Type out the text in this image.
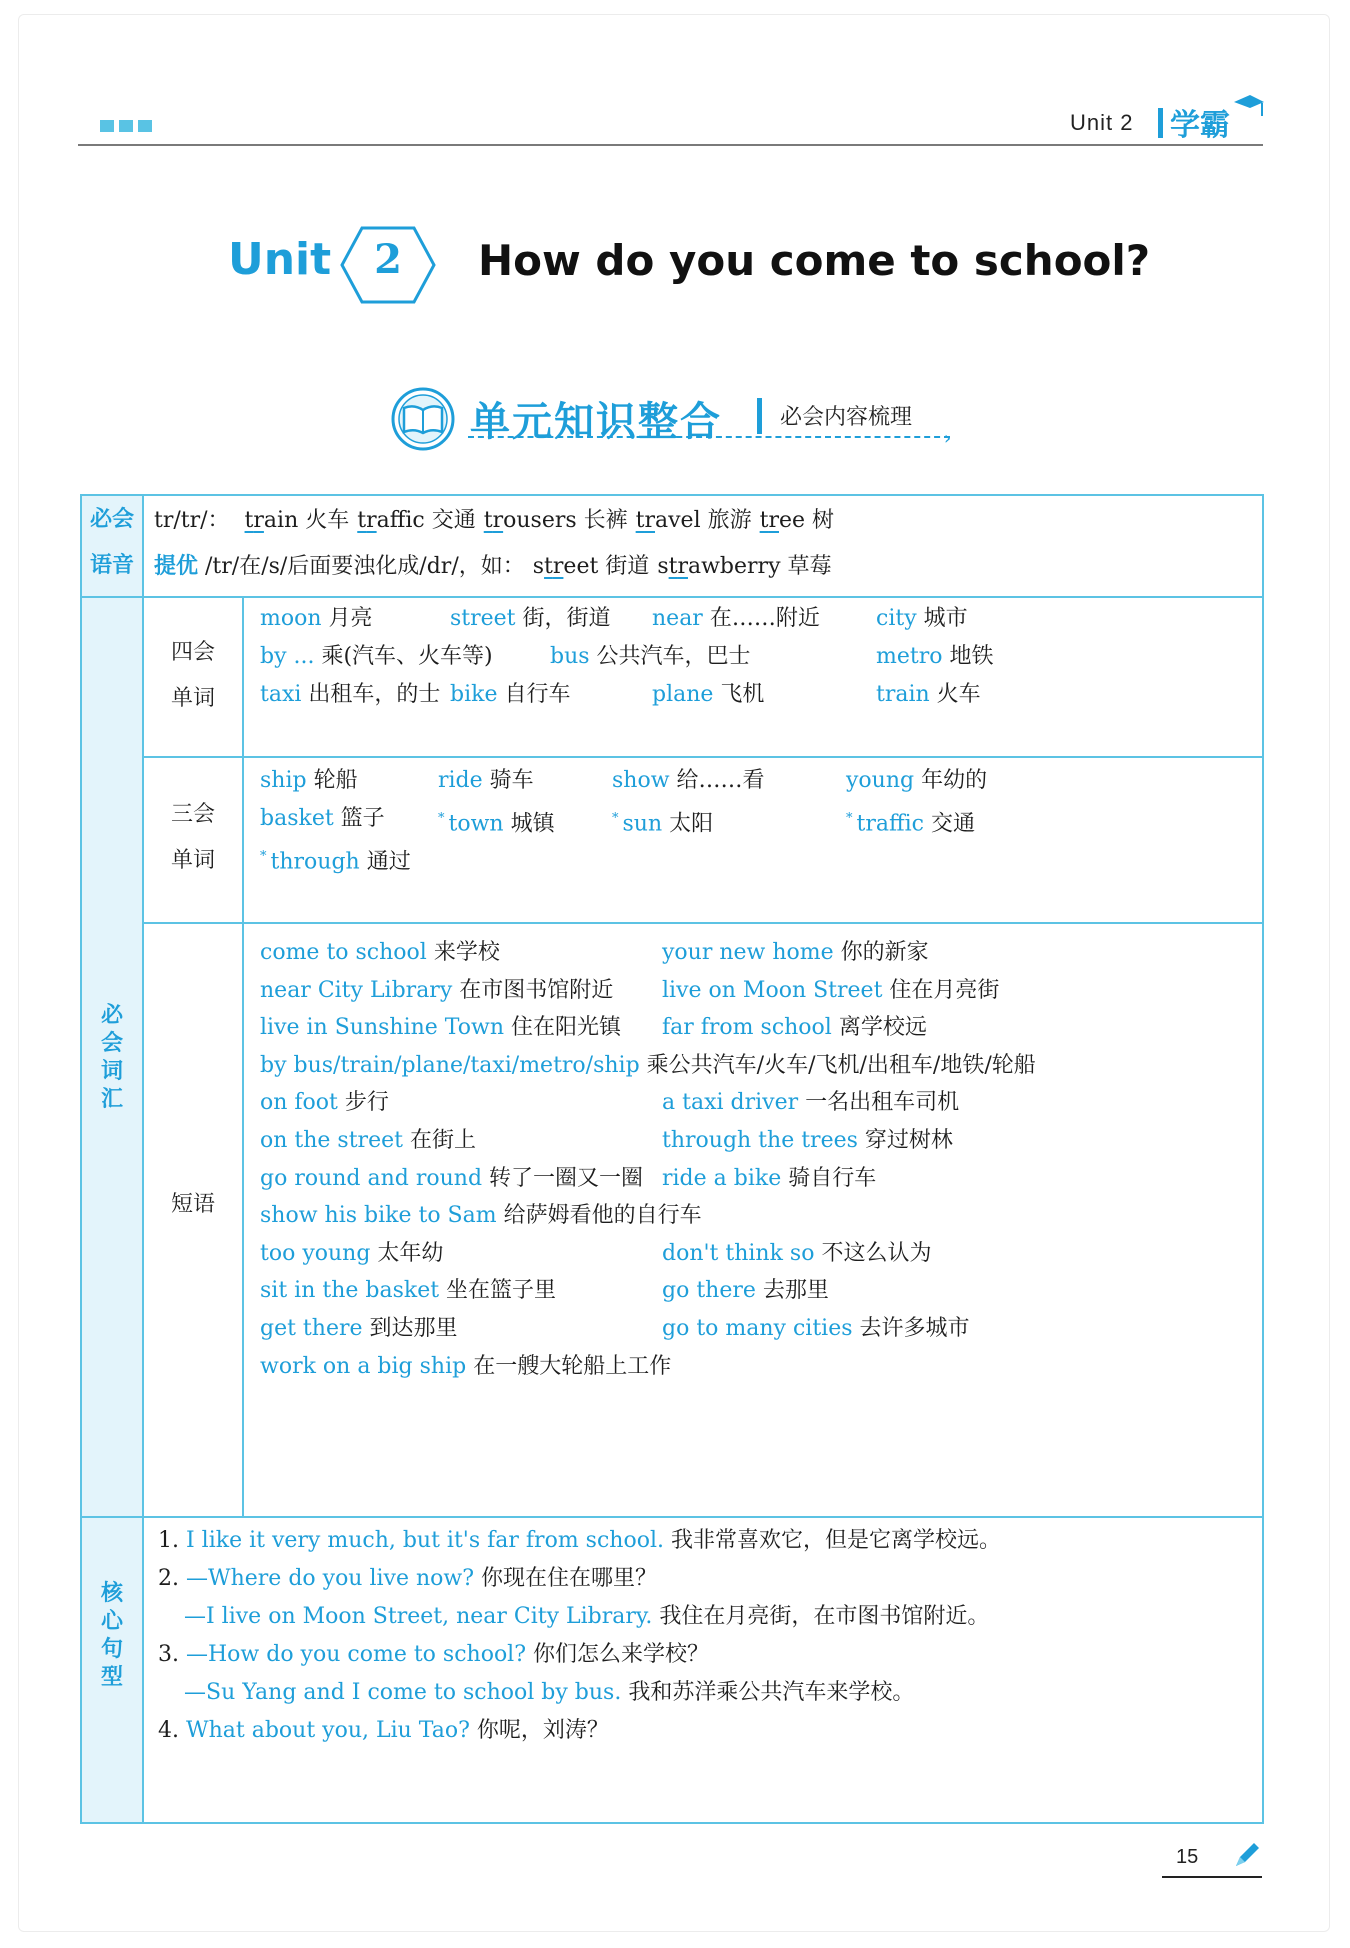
Unit 2 学霸
Unit	2	How do you come to school?
单元知识整合	必会内容梳理
›
必会
语音
tr/tr/： train 火车 traffic 交通 trousers 长裤 travel 旅游 tree 树
提优 /tr/在/s/后面要浊化成/dr/，如： street 街道 strawberry 草莓
必
会
词
汇
四会
单词
三会
单词
短语
moon 月亮	street 街，街道 near 在……附近	city 城市
by ... 乘(汽车、火车等)	bus 公共汽车，巴士	metro 地铁
taxi 出租车，的士 bike 自行车	plane 飞机	train 火车
ship 轮船	ride 骑车	show 给……看	young 年幼的
basket 篮子	* town 城镇	* sun 太阳	* traffic 交通
* through 通过
come to school 来学校	your new home 你的新家
near City Library 在市图书馆附近 live on Moon Street 住在月亮街
live in Sunshine Town 住在阳光镇 far from school 离学校远
by bus/train/plane/taxi/metro/ship 乘公共汽车/火车/飞机/出租车/地铁/轮船
on foot 步行	a taxi driver 一名出租车司机
on the street 在街上	through the trees 穿过树林
go round and round 转了一圈又一圈 ride a bike 骑自行车
show his bike to Sam 给萨姆看他的自行车
too young 太年幼	don't think so 不这么认为
sit in the basket 坐在篮子里	go there 去那里
get there 到达那里	go to many cities 去许多城市
work on a big ship 在一艘大轮船上工作
核
心
句
型
1. I like it very much, but it's far from school. 我非常喜欢它，但是它离学校远。
2. —Where do you live now? 你现在住在哪里？
—I live on Moon Street, near City Library. 我住在月亮街，在市图书馆附近。
3. —How do you come to school? 你们怎么来学校？
—Su Yang and I come to school by bus. 我和苏洋乘公共汽车来学校。
4. What about you, Liu Tao? 你呢，刘涛？
15
